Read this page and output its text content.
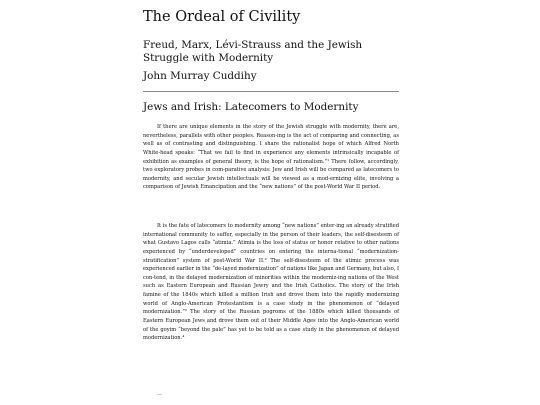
The Ordeal of Civility
Freud, Marx, Lévi-Strauss and the Jewish Struggle with Modernity
John Murray Cuddihy
Jews and Irish: Latecomers to Modernity

If there are unique elements in the story of the Jewish struggle with modernity, there are, nevertheless, parallels with other peoples. Reason-ing is the act of comparing and connecting, as well as of contrasting and distinguishing. I share the rationalist hope of which Alfred North White-head speaks: “That we fail to find in experience any elements intrinsically incapable of exhibition as examples of general theory, is the hope of rationalism.”¹ There follow, accordingly, two exploratory probes in com-parative analysis: Jew and Irish will be compared as latecomers to modernity, and secular Jewish intellectuals will be viewed as a mod-ernizing elite, involving a comparison of Jewish Emancipation and the “new nations” of the post-World War II period.

It is the fate of latecomers to modernity among “new nations” enter-ing an already stratified international community to suffer, especially in the person of their leaders, the self-disesteem of what Gustavo Lagos calls “atimia.” Atimia is the loss of status or honor relative to other nations experienced by “underdeveloped” countries on entering the interna-tional “modernization-stratification” system of post-World War II.² The self-disesteem of the atimic process was experienced earlier in the “de-layed modernization” of nations like Japan and Germany, but also, I con-tend, in the delayed modernization of minorities within the moderniz-ing nations of the West such as Eastern European and Russian Jewry and the Irish Catholics. The story of the Irish famine of the 1840s which killed a million Irish and drove them into the rapidly modernizing world of Anglo-American Protestantism is a case study in the phenomenon of “delayed modernization.”³ The story of the Russian pogroms of the 1880s which killed thousands of Eastern European Jews and drove them out of their Middle Ages into the Anglo-American world of the goyim “beyond the pale” has yet to be told as a case study in the phenomenon of delayed modernization.⁴

—
